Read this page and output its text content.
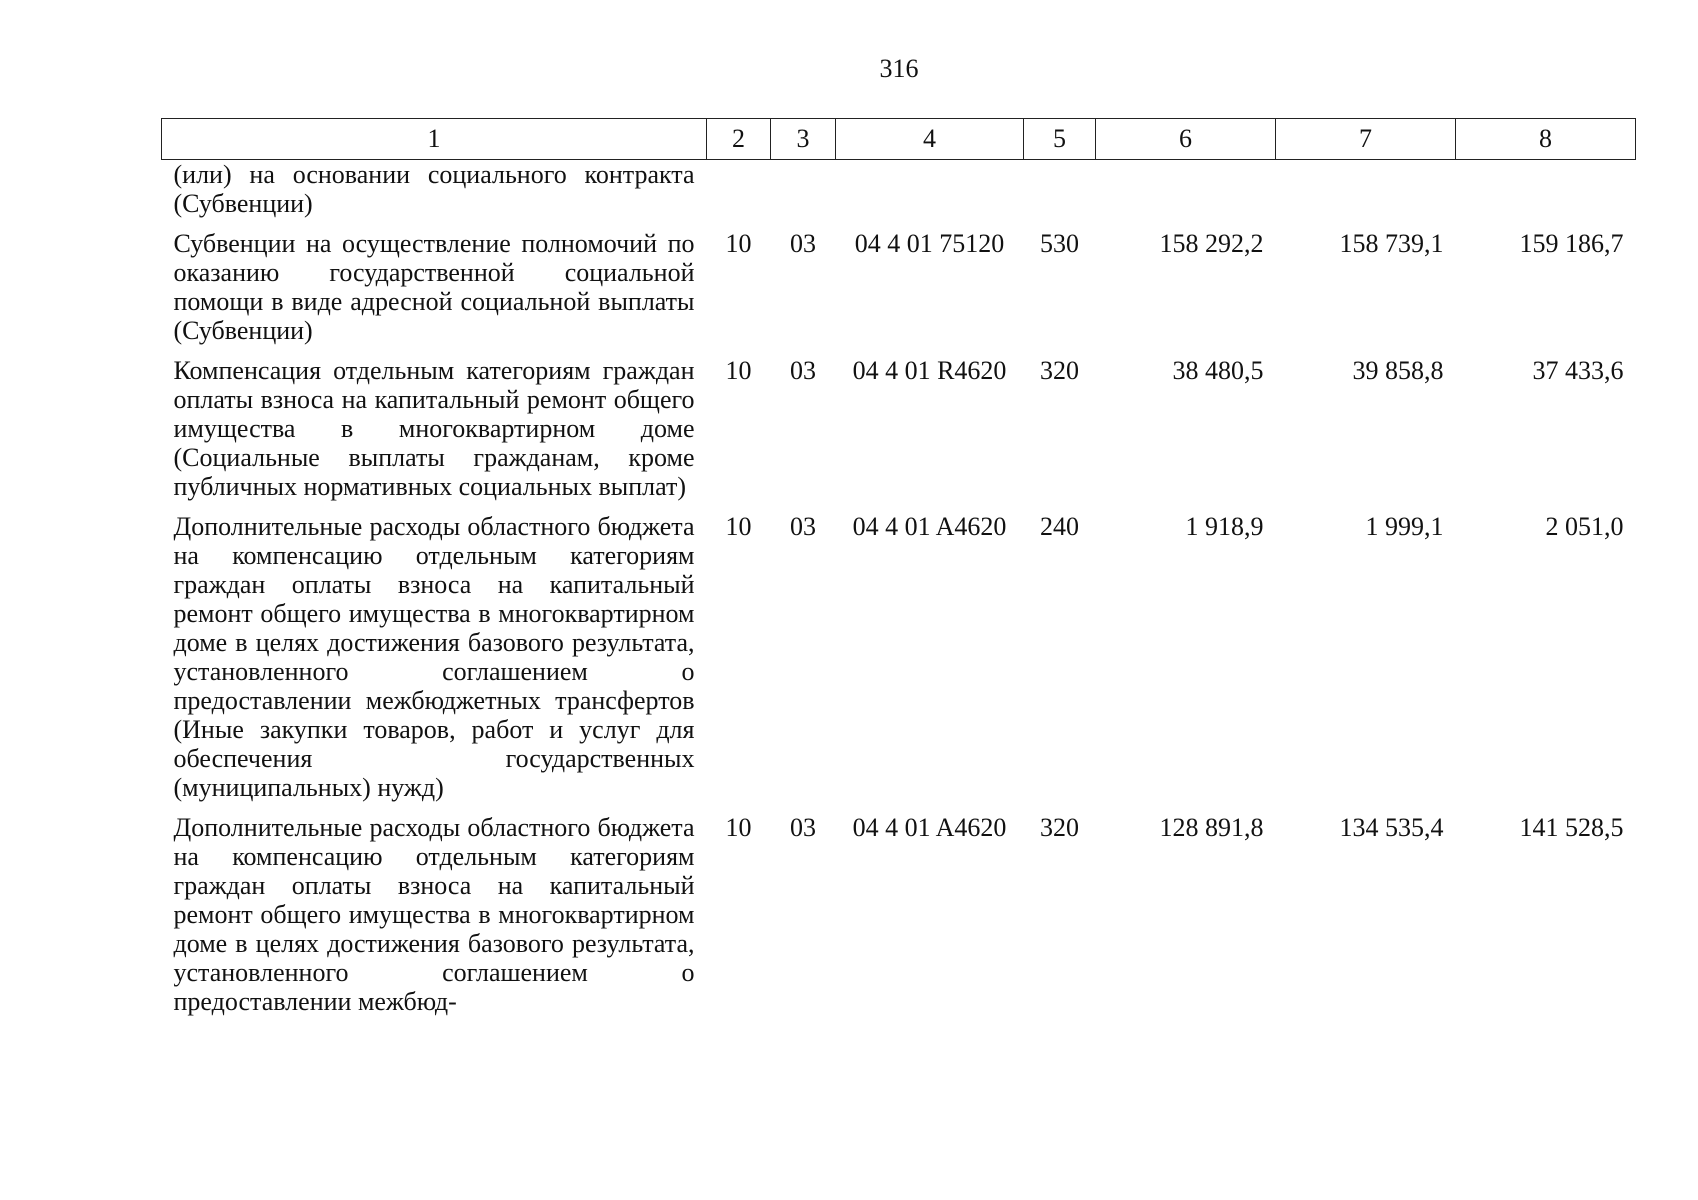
316
1	2	3	4	5	6	7	8
(или) на основании социального контракта (Субвенции)							
Субвенции на осуществление полномочий по оказанию государственной социальной помощи в виде адресной социальной выплаты (Субвенции)	10	03	04 4 01 75120	530	158 292,2	158 739,1	159 186,7
Компенсация отдельным категориям граждан оплаты взноса на капитальный ремонт общего имущества в многоквартирном доме (Социальные выплаты гражданам, кроме публичных нормативных социальных выплат)	10	03	04 4 01 R4620	320	38 480,5	39 858,8	37 433,6
Дополнительные расходы областного бюджета на компенсацию отдельным категориям граждан оплаты взноса на капитальный ремонт общего имущества в многоквартирном доме в целях достижения базового результата, установленного соглашением о предоставлении межбюджетных трансфертов (Иные закупки товаров, работ и услуг для обеспечения государственных (муниципальных) нужд)	10	03	04 4 01 A4620	240	1 918,9	1 999,1	2 051,0
Дополнительные расходы областного бюджета на компенсацию отдельным категориям граждан оплаты взноса на капитальный ремонт общего имущества в многоквартирном доме в целях достижения базового результата, установленного соглашением о предоставлении межбюд-	10	03	04 4 01 A4620	320	128 891,8	134 535,4	141 528,5
